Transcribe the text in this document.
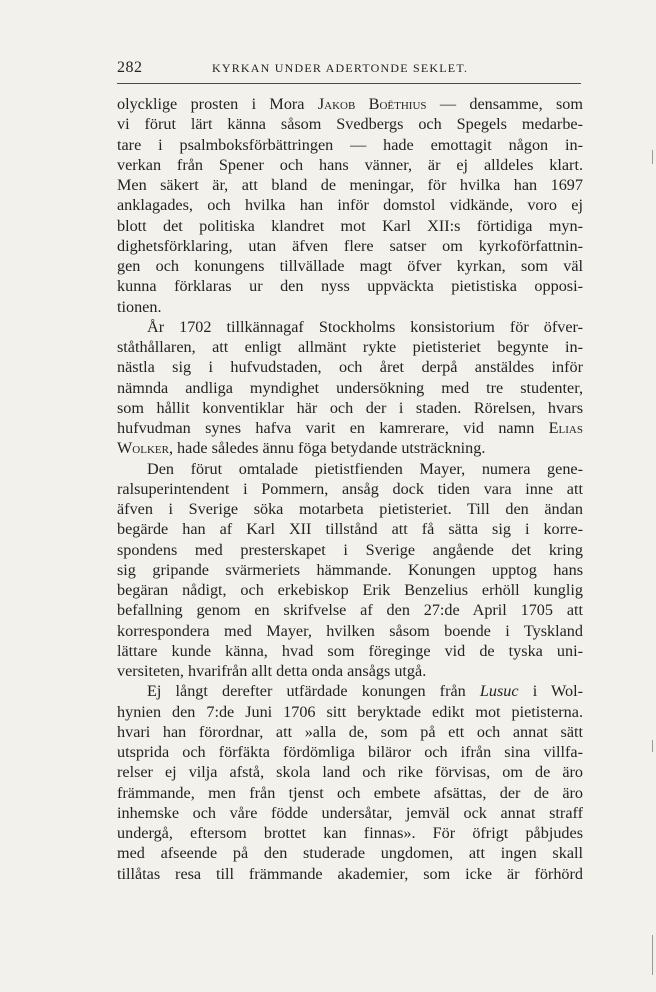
282	KYRKAN UNDER ADERTONDE SEKLET.
olycklige prosten i Mora Jakob Boëthius — densamme, som
vi förut lärt känna såsom Svedbergs och Spegels medarbe-
tare i psalmboksförbättringen — hade emottagit någon in-
verkan från Spener och hans vänner, är ej alldeles klart.
Men säkert är, att bland de meningar, för hvilka han 1697
anklagades, och hvilka han inför domstol vidkände, voro ej
blott det politiska klandret mot Karl XII:s förtidiga myn-
dighetsförklaring, utan äfven flere satser om kyrkoförfattnin-
gen och konungens tillvällade magt öfver kyrkan, som väl
kunna förklaras ur den nyss uppväckta pietistiska opposi-
tionen.
År 1702 tillkännagaf Stockholms konsistorium för öfver-
ståthållaren, att enligt allmänt rykte pietisteriet begynte in-
nästla sig i hufvudstaden, och året derpå anstäldes inför
nämnda andliga myndighet undersökning med tre studenter,
som hållit konventiklar här och der i staden. Rörelsen, hvars
hufvudman synes hafva varit en kamrerare, vid namn Elias
Wolker, hade således ännu föga betydande utsträckning.
Den förut omtalade pietistfienden Mayer, numera gene-
ralsuperintendent i Pommern, ansåg dock tiden vara inne att
äfven i Sverige söka motarbeta pietisteriet. Till den ändan
begärde han af Karl XII tillstånd att få sätta sig i korre-
spondens med presterskapet i Sverige angående det kring
sig gripande svärmeriets hämmande. Konungen upptog hans
begäran nådigt, och erkebiskop Erik Benzelius erhöll kunglig
befallning genom en skrifvelse af den 27:de April 1705 att
korrespondera med Mayer, hvilken såsom boende i Tyskland
lättare kunde känna, hvad som föreginge vid de tyska uni-
versiteten, hvarifrån allt detta onda ansågs utgå.
Ej långt derefter utfärdade konungen från Lusuc i Wol-
hynien den 7:de Juni 1706 sitt beryktade edikt mot pietisterna.
hvari han förordnar, att »alla de, som på ett och annat sätt
utsprida och förfäkta fördömliga biläror och ifrån sina villfa-
relser ej vilja afstå, skola land och rike förvisas, om de äro
främmande, men från tjenst och embete afsättas, der de äro
inhemske och våre födde undersåtar, jemväl ock annat straff
undergå, eftersom brottet kan finnas». För öfrigt påbjudes
med afseende på den studerade ungdomen, att ingen skall
tillåtas resa till främmande akademier, som icke är förhörd
